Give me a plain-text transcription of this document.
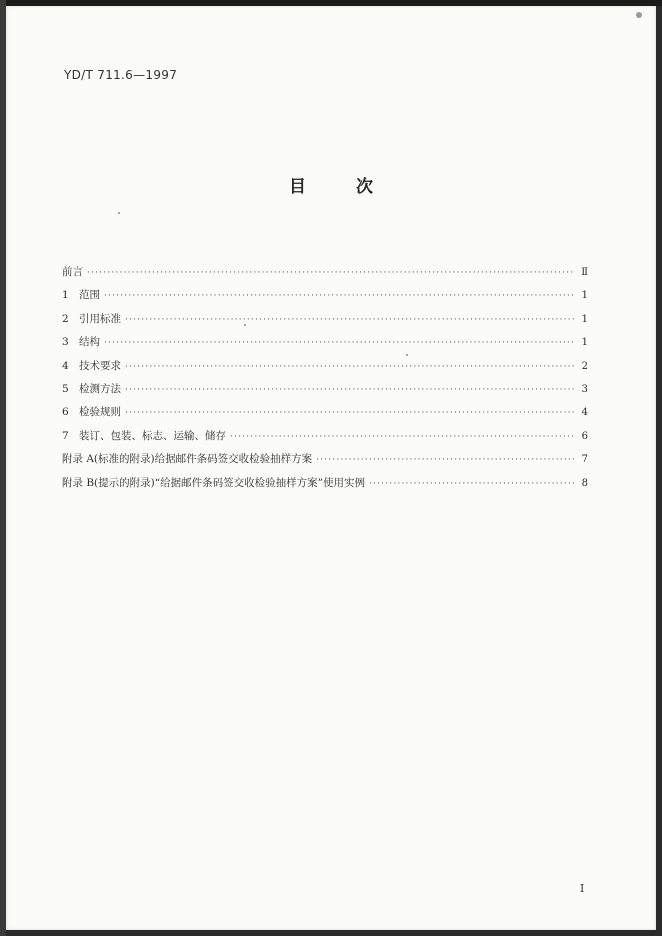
YD/T 711.6—1997
目 次
前言 ·····	Ⅱ
1 范围 ·····	1
2 引用标准 ·····	1
3 结构 ·····	1
4 技术要求 ·····	2
5 检测方法 ·····	3
6 检验规则 ·····	4
7 装订、包装、标志、运输、储存 ·····	6
附录 A(标准的附录)给据邮件条码签交收检验抽样方案 ·····	7
附录 B(提示的附录)“给据邮件条码签交收检验抽样方案”使用实例 ·····	8
I
